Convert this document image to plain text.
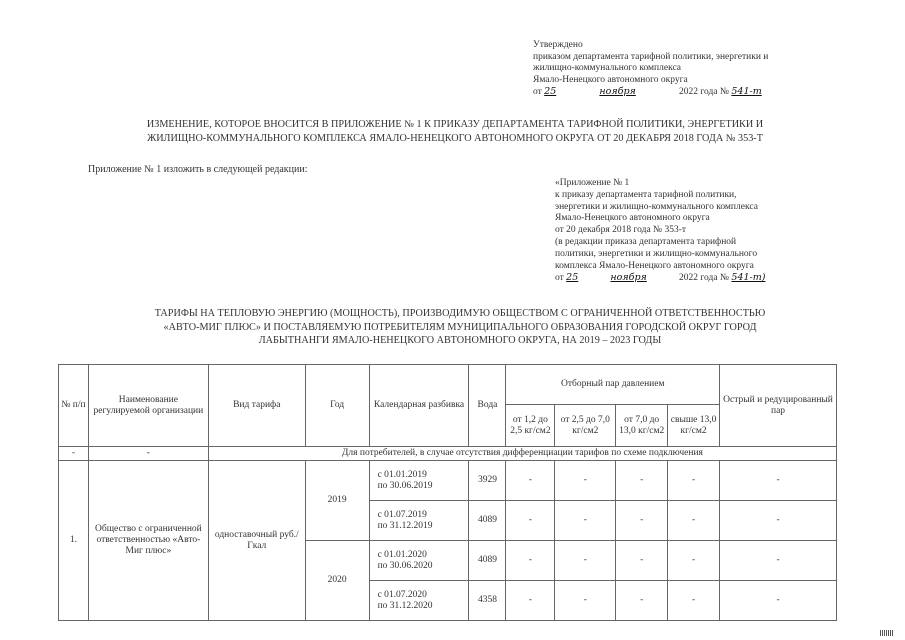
Утверждено
приказом департамента тарифной политики, энергетики и
жилищно-коммунального комплекса
Ямало-Ненецкого автономного округа
от 25	ноября	2022 года № 541-т
ИЗМЕНЕНИЕ, КОТОРОЕ ВНОСИТСЯ В ПРИЛОЖЕНИЕ № 1 К ПРИКАЗУ ДЕПАРТАМЕНТА ТАРИФНОЙ ПОЛИТИКИ, ЭНЕРГЕТИКИ И
ЖИЛИЩНО-КОММУНАЛЬНОГО КОМПЛЕКСА ЯМАЛО-НЕНЕЦКОГО АВТОНОМНОГО ОКРУГА ОТ 20 ДЕКАБРЯ 2018 ГОДА № 353-Т
Приложение № 1 изложить в следующей редакции:
«Приложение № 1
к приказу департамента тарифной политики,
энергетики и жилищно-коммунального комплекса
Ямало-Ненецкого автономного округа
от 20 декабря 2018 года № 353-т
(в редакции приказа департамента тарифной
политики, энергетики и жилищно-коммунального
комплекса Ямало-Ненецкого автономного округа
от 25	ноября	2022 года № 541-т)
ТАРИФЫ НА ТЕПЛОВУЮ ЭНЕРГИЮ (МОЩНОСТЬ), ПРОИЗВОДИМУЮ ОБЩЕСТВОМ С ОГРАНИЧЕННОЙ ОТВЕТСТВЕННОСТЬЮ
«АВТО-МИГ ПЛЮС» И ПОСТАВЛЯЕМУЮ ПОТРЕБИТЕЛЯМ МУНИЦИПАЛЬНОГО ОБРАЗОВАНИЯ ГОРОДСКОЙ ОКРУГ ГОРОД
ЛАБЫТНАНГИ ЯМАЛО-НЕНЕЦКОГО АВТОНОМНОГО ОКРУГА, НА 2019 – 2023 ГОДЫ
№ п/п	Наименование регулируемой организации	Вид тарифа	Год	Календарная разбивка	Вода	Отборный пар давлением				Острый и редуцированный пар
						от 1,2 до 2,5 кг/см2	от 2,5 до 7,0 кг/см2	от 7,0 до 13,0 кг/см2	свыше 13,0 кг/см2	
-	-	Для потребителей, в случае отсутствия дифференциации тарифов по схеме подключения								
1.	Общество с ограниченной ответственностью «Авто-Миг плюс»	одноставочный руб./Гкал	2019	с 01.01.2019
по 30.06.2019	3929	-	-	-	-	-

				с 01.07.2019
по 31.12.2019	4089	-	-	-	-	-
			2020	с 01.01.2020
по 30.06.2020	4089	-	-	-	-	-

				с 01.07.2020
по 31.12.2020	4358	-	-	-	-	-
